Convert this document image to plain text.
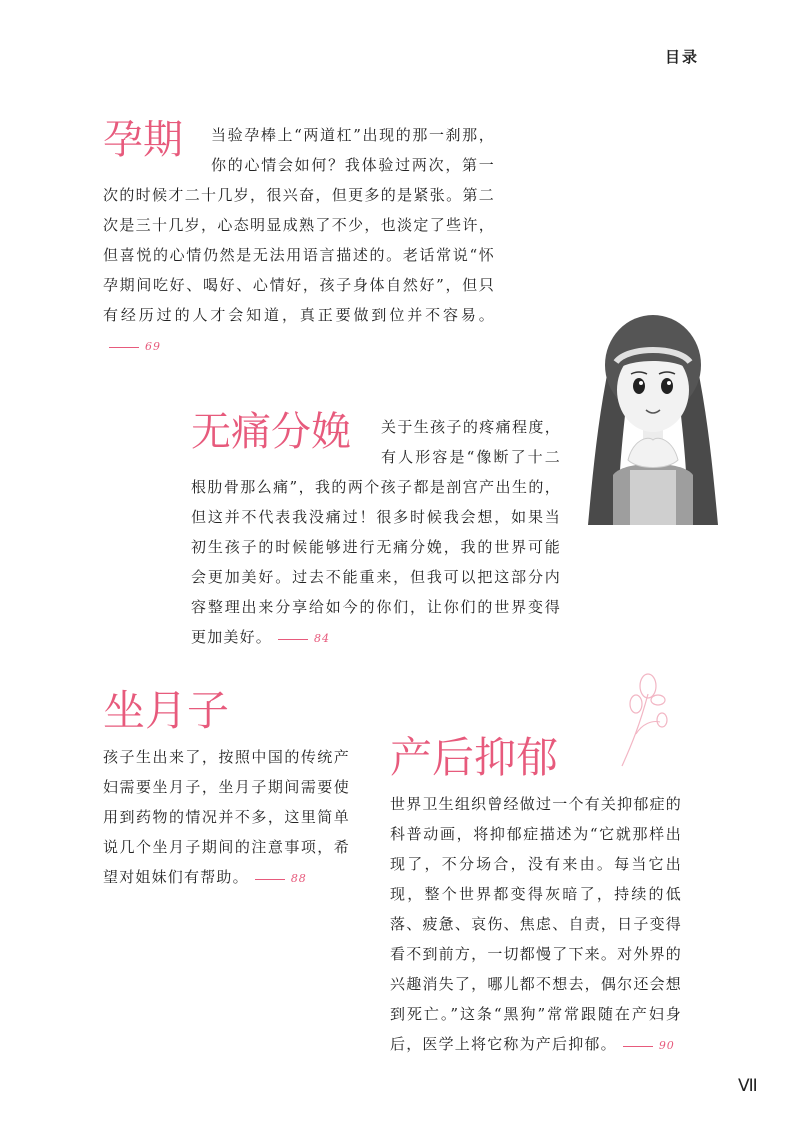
目录
孕期	当验孕棒上“两道杠”出现的那一刹那，你的心情会如何？我体验过两次，第一次的时候才二十几岁，很兴奋，但更多的是紧张。第二次是三十几岁，心态明显成熟了不少，也淡定了些许，但喜悦的心情仍然是无法用语言描述的。老话常说“怀孕期间吃好、喝好、心情好，孩子身体自然好”，但只有经历过的人才会知道，真正要做到位并不容易。69

无痛分娩	关于生孩子的疼痛程度，有人形容是“像断了十二根肋骨那么痛”，我的两个孩子都是剖宫产出生的，但这并不代表我没痛过！很多时候我会想，如果当初生孩子的时候能够进行无痛分娩，我的世界可能会更加美好。过去不能重来，但我可以把这部分内容整理出来分享给如今的你们，让你们的世界变得更加美好。	84

坐月子

孩子生出来了，按照中国的传统产妇需要坐月子，坐月子期间需要使用到药物的情况并不多，这里简单说几个坐月子期间的注意事项，希望对姐妹们有帮助。	88

产后抑郁

世界卫生组织曾经做过一个有关抑郁症的科普动画，将抑郁症描述为“它就那样出现了，不分场合，没有来由。每当它出现，整个世界都变得灰暗了，持续的低落、疲惫、哀伤、焦虑、自责，日子变得看不到前方，一切都慢了下来。对外界的兴趣消失了，哪儿都不想去，偶尔还会想到死亡。”这条“黑狗”常常跟随在产妇身后，医学上将它称为产后抑郁。	90

VII
